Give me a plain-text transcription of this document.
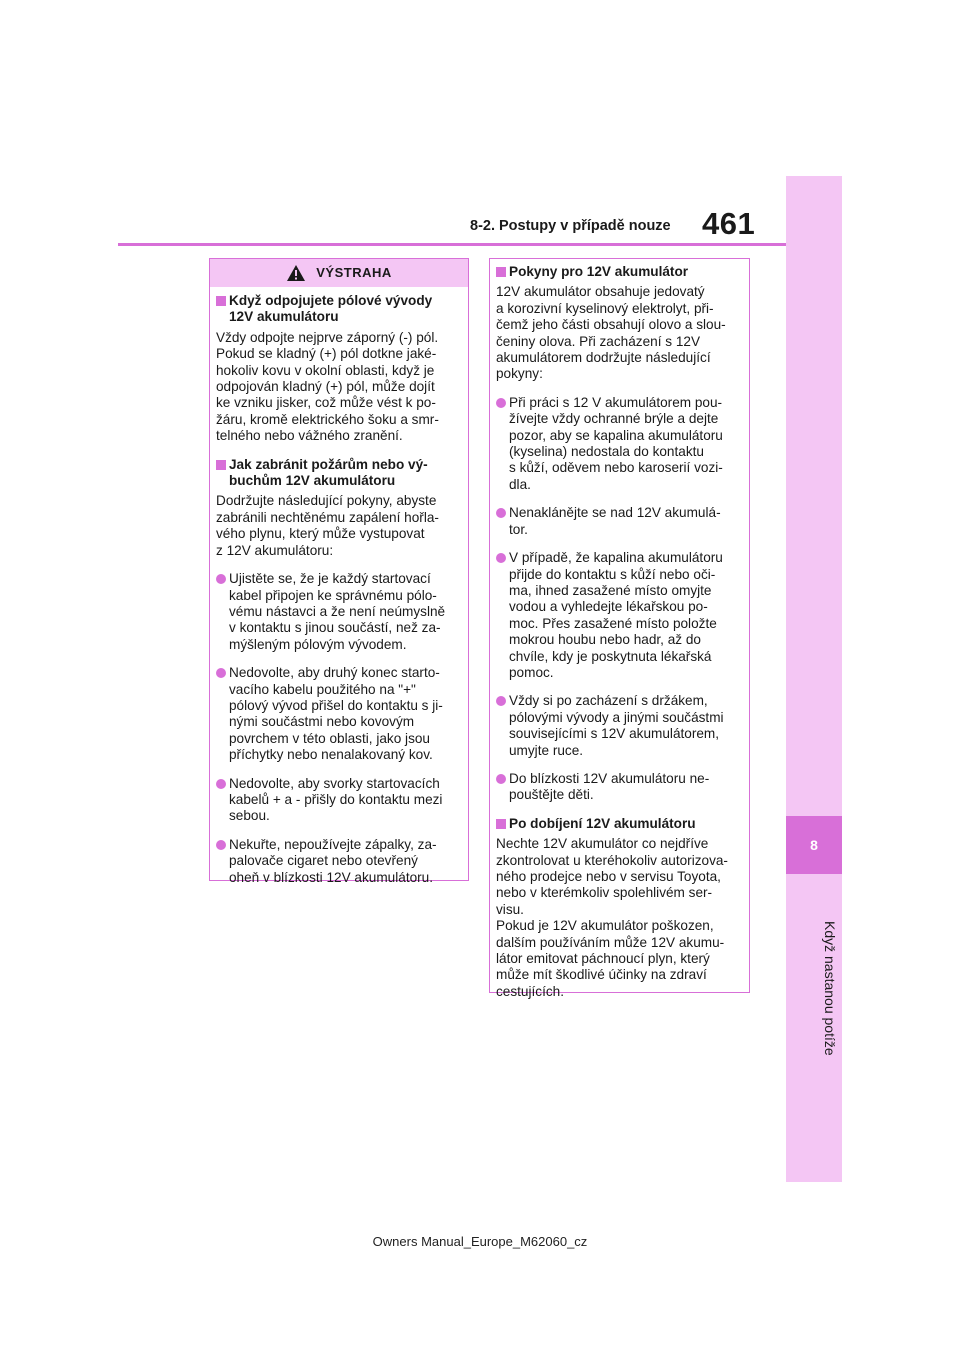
8-2. Postupy v případě nouze	461
8
Když nastanou potíže
VÝSTRAHA
Když odpojujete pólové vývody
12V akumulátoru
Vždy odpojte nejprve záporný (-) pól.
Pokud se kladný (+) pól dotkne jaké-
hokoliv kovu v okolní oblasti, když je
odpojován kladný (+) pól, může dojít
ke vzniku jisker, což může vést k po-
žáru, kromě elektrického šoku a smr-
telného nebo vážného zranění.
Jak zabránit požárům nebo vý-
buchům 12V akumulátoru
Dodržujte následující pokyny, abyste
zabránili nechtěnému zapálení hořla-
vého plynu, který může vystupovat
z 12V akumulátoru:
Ujistěte se, že je každý startovací
kabel připojen ke správnému pólo-
vému nástavci a že není neúmyslně
v kontaktu s jinou součástí, než za-
mýšleným pólovým vývodem.
Nedovolte, aby druhý konec starto-
vacího kabelu použitého na "+"
pólový vývod přišel do kontaktu s ji-
nými součástmi nebo kovovým
povrchem v této oblasti, jako jsou
příchytky nebo nenalakovaný kov.
Nedovolte, aby svorky startovacích
kabelů + a - přišly do kontaktu mezi
sebou.
Nekuřte, nepoužívejte zápalky, za-
palovače cigaret nebo otevřený
oheň v blízkosti 12V akumulátoru.
Pokyny pro 12V akumulátor
12V akumulátor obsahuje jedovatý
a korozivní kyselinový elektrolyt, při-
čemž jeho části obsahují olovo a slou-
čeniny olova. Při zacházení s 12V
akumulátorem dodržujte následující
pokyny:
Při práci s 12 V akumulátorem pou-
žívejte vždy ochranné brýle a dejte
pozor, aby se kapalina akumulátoru
(kyselina) nedostala do kontaktu
s kůží, oděvem nebo karoserií vozi-
dla.
Nenaklánějte se nad 12V akumulá-
tor.
V případě, že kapalina akumulátoru
přijde do kontaktu s kůží nebo oči-
ma, ihned zasažené místo omyjte
vodou a vyhledejte lékařskou po-
moc. Přes zasažené místo položte
mokrou houbu nebo hadr, až do
chvíle, kdy je poskytnuta lékařská
pomoc.
Vždy si po zacházení s držákem,
pólovými vývody a jinými součástmi
souvisejícími s 12V akumulátorem,
umyjte ruce.
Do blízkosti 12V akumulátoru ne-
pouštějte děti.
Po dobíjení 12V akumulátoru
Nechte 12V akumulátor co nejdříve
zkontrolovat u kteréhokoliv autorizova-
ného prodejce nebo v servisu Toyota,
nebo v kterémkoliv spolehlivém ser-
visu.
Pokud je 12V akumulátor poškozen,
dalším používáním může 12V akumu-
látor emitovat páchnoucí plyn, který
může mít škodlivé účinky na zdraví
cestujících.
Owners Manual_Europe_M62060_cz
